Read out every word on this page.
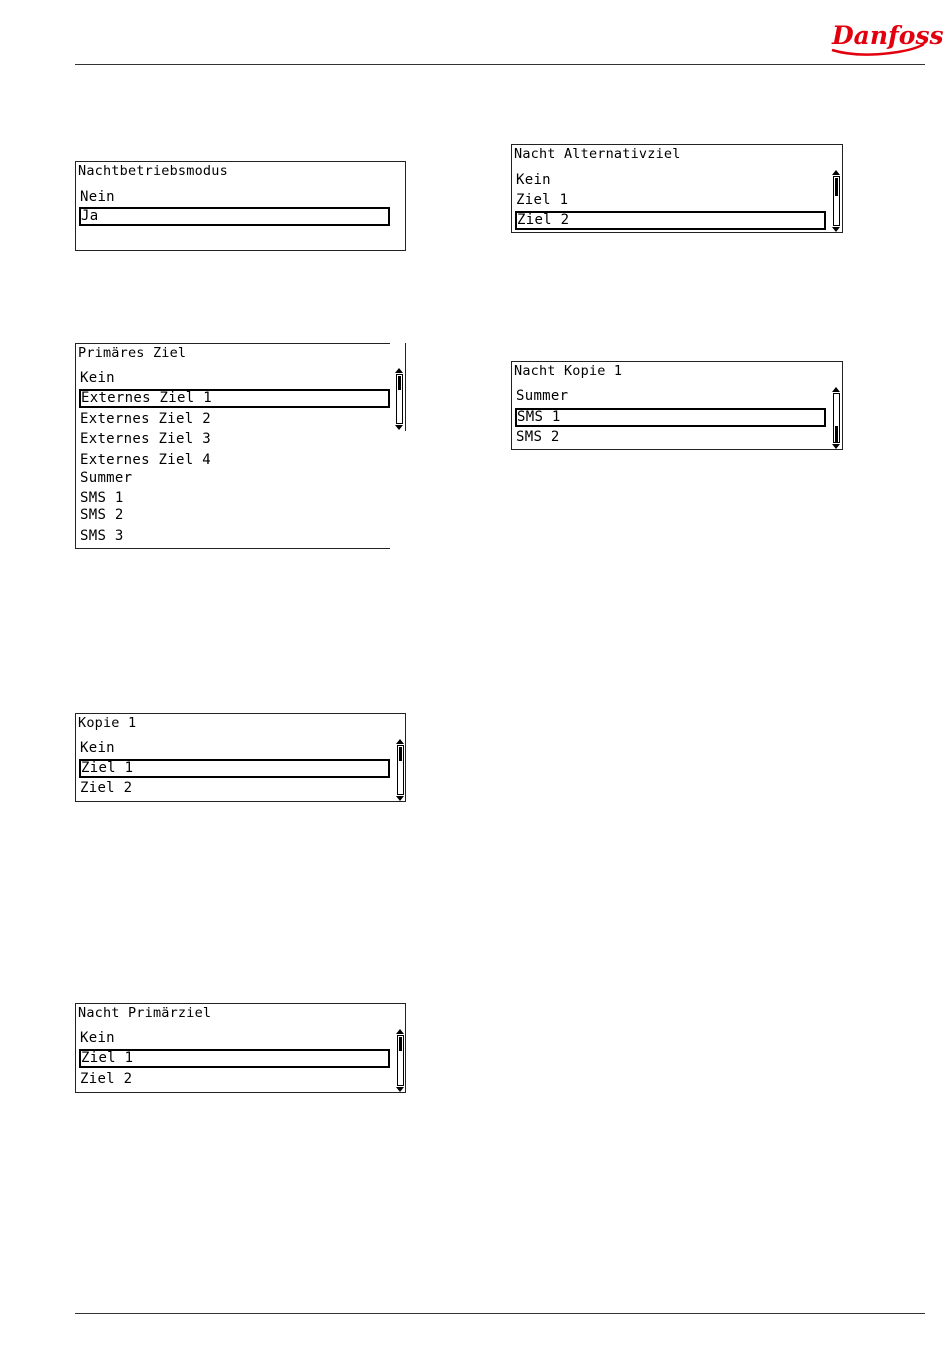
Danfoss
Nachtbetriebsmodus
Nein
Ja
Primäres Ziel
Kein
Externes Ziel 1
Externes Ziel 2
Externes Ziel 3
Externes Ziel 4
Summer
SMS 1
SMS 2
SMS 3
Kopie 1
Kein
Ziel 1
Ziel 2
Nacht Primärziel
Kein
Ziel 1
Ziel 2
Nacht Alternativziel
Kein
Ziel 1
Ziel 2
Nacht Kopie 1
Summer
SMS 1
SMS 2
